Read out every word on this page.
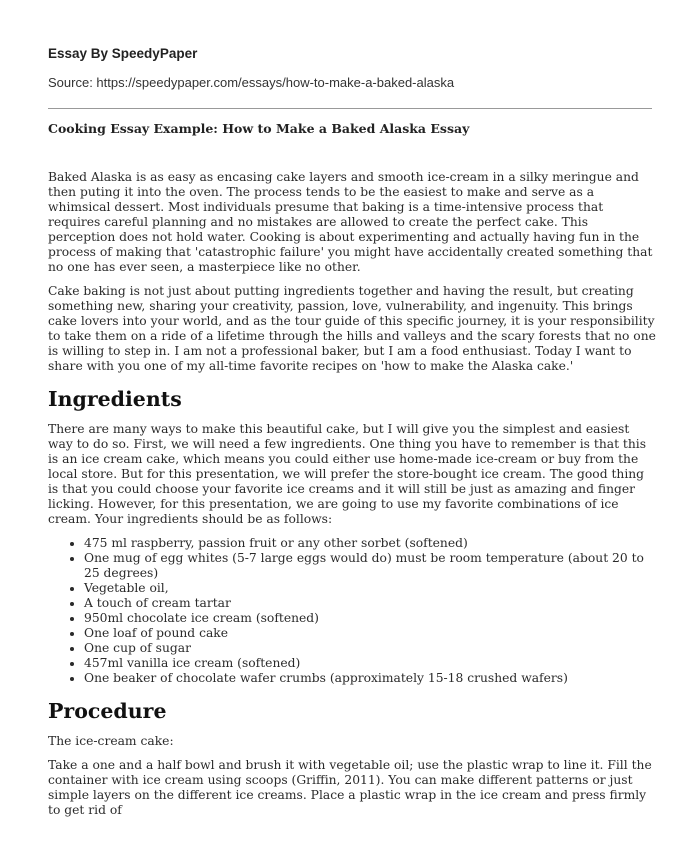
Essay By SpeedyPaper

Source: https://speedypaper.com/essays/how-to-make-a-baked-alaska

Cooking Essay Example: How to Make a Baked Alaska Essay

Baked Alaska is as easy as encasing cake layers and smooth ice-cream in a silky meringue and then puting it into the oven. The process tends to be the easiest to make and serve as a whimsical dessert. Most individuals presume that baking is a time-intensive process that requires careful planning and no mistakes are allowed to create the perfect cake. This perception does not hold water. Cooking is about experimenting and actually having fun in the process of making that 'catastrophic failure' you might have accidentally created something that no one has ever seen, a masterpiece like no other.

Cake baking is not just about putting ingredients together and having the result, but creating something new, sharing your creativity, passion, love, vulnerability, and ingenuity. This brings cake lovers into your world, and as the tour guide of this specific journey, it is your responsibility to take them on a ride of a lifetime through the hills and valleys and the scary forests that no one is willing to step in. I am not a professional baker, but I am a food enthusiast. Today I want to share with you one of my all-time favorite recipes on 'how to make the Alaska cake.'

Ingredients

There are many ways to make this beautiful cake, but I will give you the simplest and easiest way to do so. First, we will need a few ingredients. One thing you have to remember is that this is an ice cream cake, which means you could either use home-made ice-cream or buy from the local store. But for this presentation, we will prefer the store-bought ice cream. The good thing is that you could choose your favorite ice creams and it will still be just as amazing and finger licking. However, for this presentation, we are going to use my favorite combinations of ice cream. Your ingredients should be as follows:

• 475 ml raspberry, passion fruit or any other sorbet (softened)
• One mug of egg whites (5-7 large eggs would do) must be room temperature (about 20 to 25 degrees)
• Vegetable oil,
• A touch of cream tartar
• 950ml chocolate ice cream (softened)
• One loaf of pound cake
• One cup of sugar
• 457ml vanilla ice cream (softened)
• One beaker of chocolate wafer crumbs (approximately 15-18 crushed wafers)
Procedure

The ice-cream cake:

Take a one and a half bowl and brush it with vegetable oil; use the plastic wrap to line it. Fill the container with ice cream using scoops (Griffin, 2011). You can make different patterns or just simple layers on the different ice creams. Place a plastic wrap in the ice cream and press firmly to get rid of
